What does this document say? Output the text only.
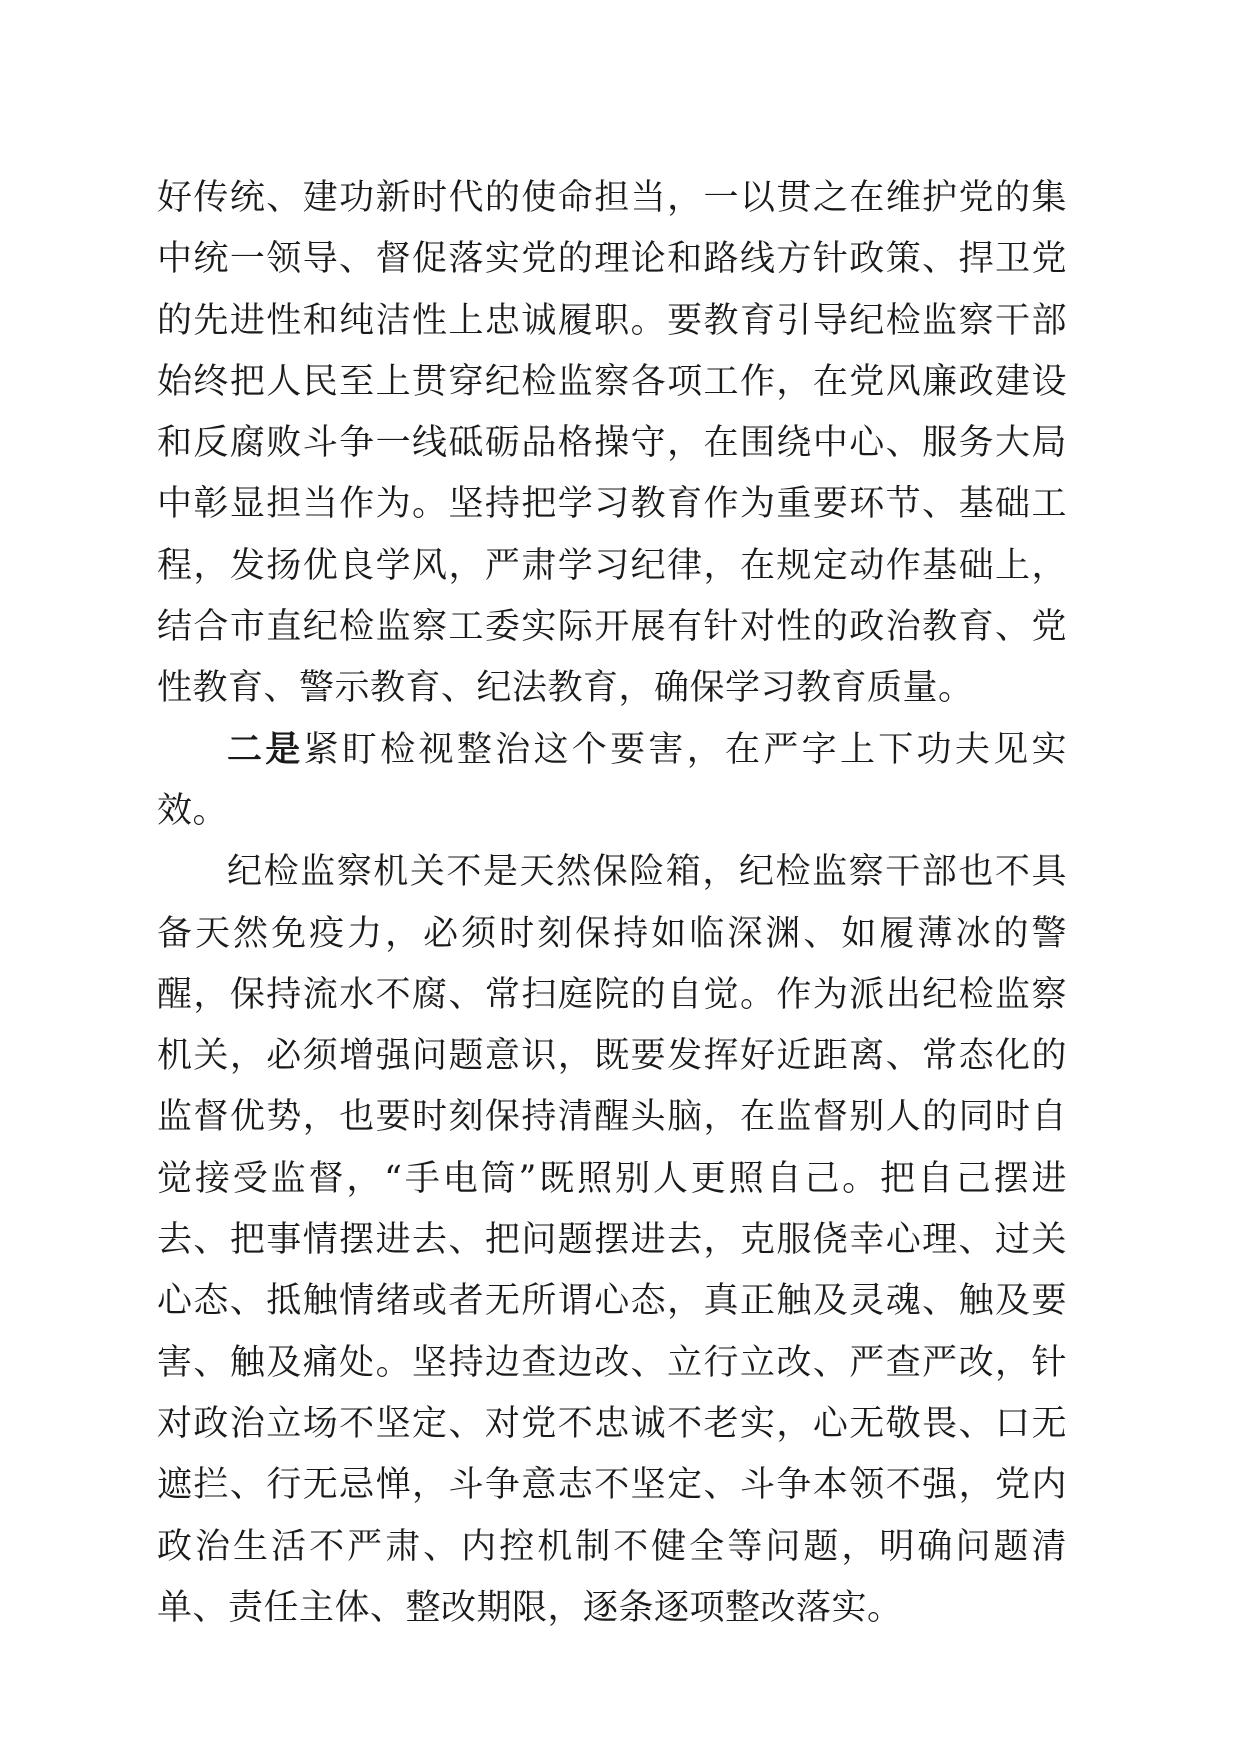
好传统、建功新时代的使命担当，一以贯之在维护党的集中统一领导、督促落实党的理论和路线方针政策、捍卫党的先进性和纯洁性上忠诚履职。要教育引导纪检监察干部始终把人民至上贯穿纪检监察各项工作，在党风廉政建设和反腐败斗争一线砥砺品格操守，在围绕中心、服务大局中彰显担当作为。坚持把学习教育作为重要环节、基础工程，发扬优良学风，严肃学习纪律，在规定动作基础上，结合市直纪检监察工委实际开展有针对性的政治教育、党性教育、警示教育、纪法教育，确保学习教育质量。

二是紧盯检视整治这个要害，在严字上下功夫见实效。

纪检监察机关不是天然保险箱，纪检监察干部也不具备天然免疫力，必须时刻保持如临深渊、如履薄冰的警醒，保持流水不腐、常扫庭院的自觉。作为派出纪检监察机关，必须增强问题意识，既要发挥好近距离、常态化的监督优势，也要时刻保持清醒头脑，在监督别人的同时自觉接受监督，“手电筒”既照别人更照自己。把自己摆进去、把事情摆进去、把问题摆进去，克服侥幸心理、过关心态、抵触情绪或者无所谓心态，真正触及灵魂、触及要害、触及痛处。坚持边查边改、立行立改、严查严改，针对政治立场不坚定、对党不忠诚不老实，心无敬畏、口无遮拦、行无忌惮，斗争意志不坚定、斗争本领不强，党内政治生活不严肃、内控机制不健全等问题，明确问题清单、责任主体、整改期限，逐条逐项整改落实。
